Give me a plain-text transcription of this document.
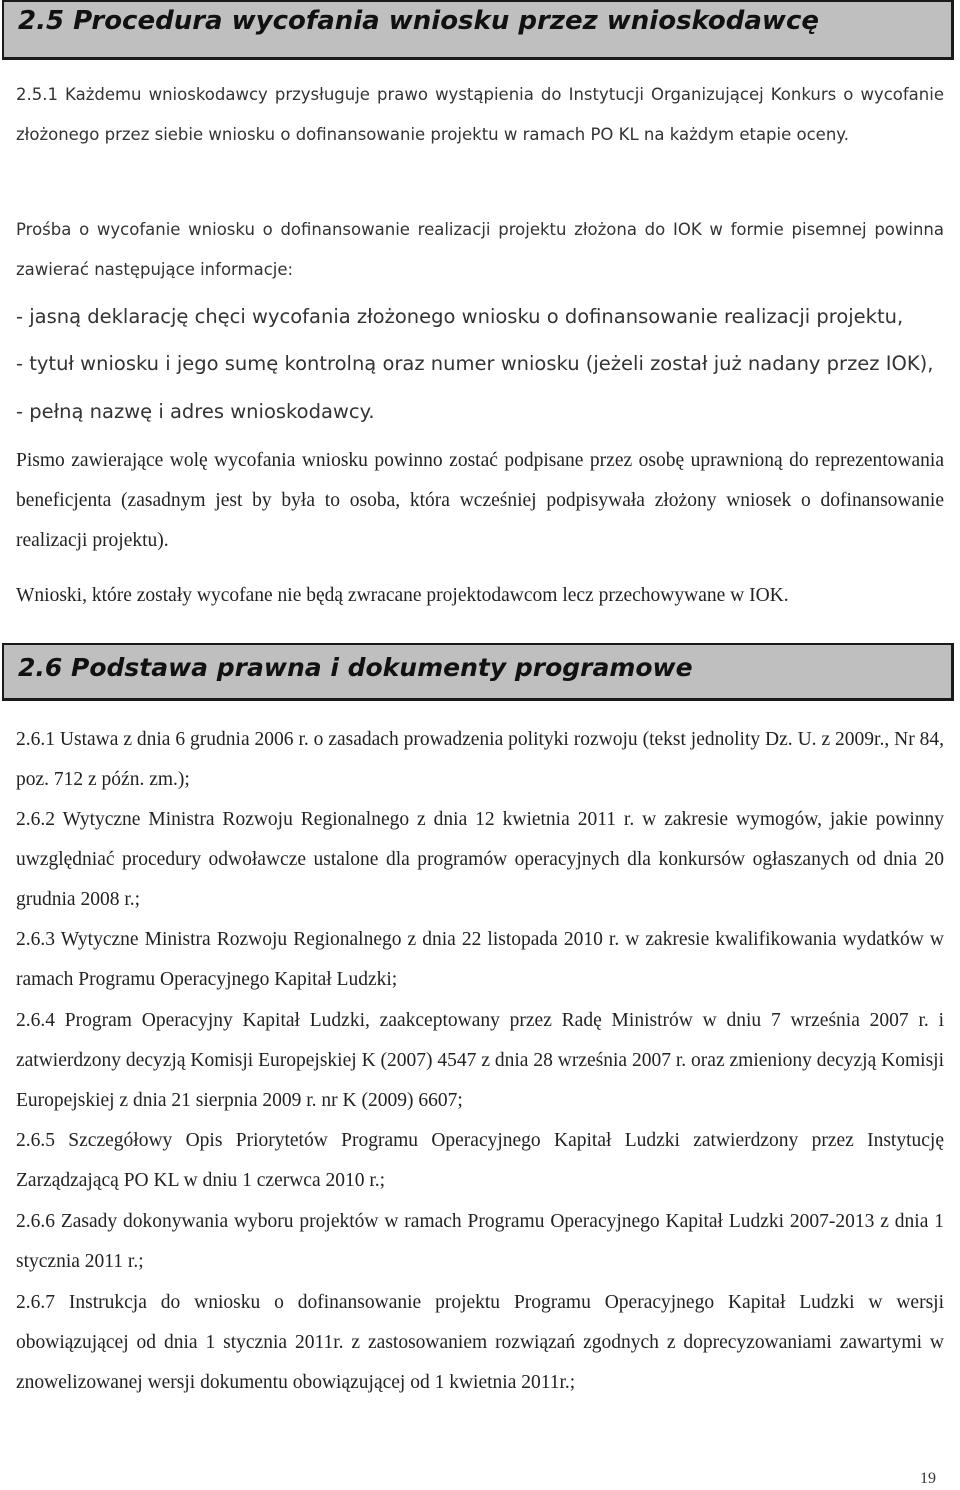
2.5 Procedura wycofania wniosku przez wnioskodawcę

2.5.1 Każdemu wnioskodawcy przysługuje prawo wystąpienia do Instytucji Organizującej Konkurs o wycofanie złożonego przez siebie wniosku o dofinansowanie projektu w ramach PO KL na każdym etapie oceny.

Prośba o wycofanie wniosku o dofinansowanie realizacji projektu złożona do IOK w formie pisemnej powinna zawierać następujące informacje:

- jasną deklarację chęci wycofania złożonego wniosku o dofinansowanie realizacji projektu,

- tytuł wniosku i jego sumę kontrolną oraz numer wniosku (jeżeli został już nadany przez IOK),

- pełną nazwę i adres wnioskodawcy.

Pismo zawierające wolę wycofania wniosku powinno zostać podpisane przez osobę uprawnioną do reprezentowania beneficjenta (zasadnym jest by była to osoba, która wcześniej podpisywała złożony wniosek o dofinansowanie realizacji projektu).

Wnioski, które zostały wycofane nie będą zwracane projektodawcom lecz przechowywane w IOK.

2.6 Podstawa prawna i dokumenty programowe

2.6.1 Ustawa z dnia 6 grudnia 2006 r. o zasadach prowadzenia polityki rozwoju (tekst jednolity Dz. U. z 2009r., Nr 84, poz. 712 z późn. zm.);

2.6.2 Wytyczne Ministra Rozwoju Regionalnego z dnia 12 kwietnia 2011 r. w zakresie wymogów, jakie powinny uwzględniać procedury odwoławcze ustalone dla programów operacyjnych dla konkursów ogłaszanych od dnia 20 grudnia 2008 r.;

2.6.3 Wytyczne Ministra Rozwoju Regionalnego z dnia 22 listopada 2010 r. w zakresie kwalifikowania wydatków w ramach Programu Operacyjnego Kapitał Ludzki;

2.6.4 Program Operacyjny Kapitał Ludzki, zaakceptowany przez Radę Ministrów w dniu 7 września 2007 r. i zatwierdzony decyzją Komisji Europejskiej K (2007) 4547 z dnia 28 września 2007 r. oraz zmieniony decyzją Komisji Europejskiej z dnia 21 sierpnia 2009 r. nr K (2009) 6607;

2.6.5 Szczegółowy Opis Priorytetów Programu Operacyjnego Kapitał Ludzki zatwierdzony przez Instytucję Zarządzającą PO KL w dniu 1 czerwca 2010 r.;

2.6.6 Zasady dokonywania wyboru projektów w ramach Programu Operacyjnego Kapitał Ludzki 2007-2013 z dnia 1 stycznia 2011 r.;

2.6.7 Instrukcja do wniosku o dofinansowanie projektu Programu Operacyjnego Kapitał Ludzki w wersji obowiązującej od dnia 1 stycznia 2011r. z zastosowaniem rozwiązań zgodnych z doprecyzowaniami zawartymi w znowelizowanej wersji dokumentu obowiązującej od 1 kwietnia 2011r.;

19
